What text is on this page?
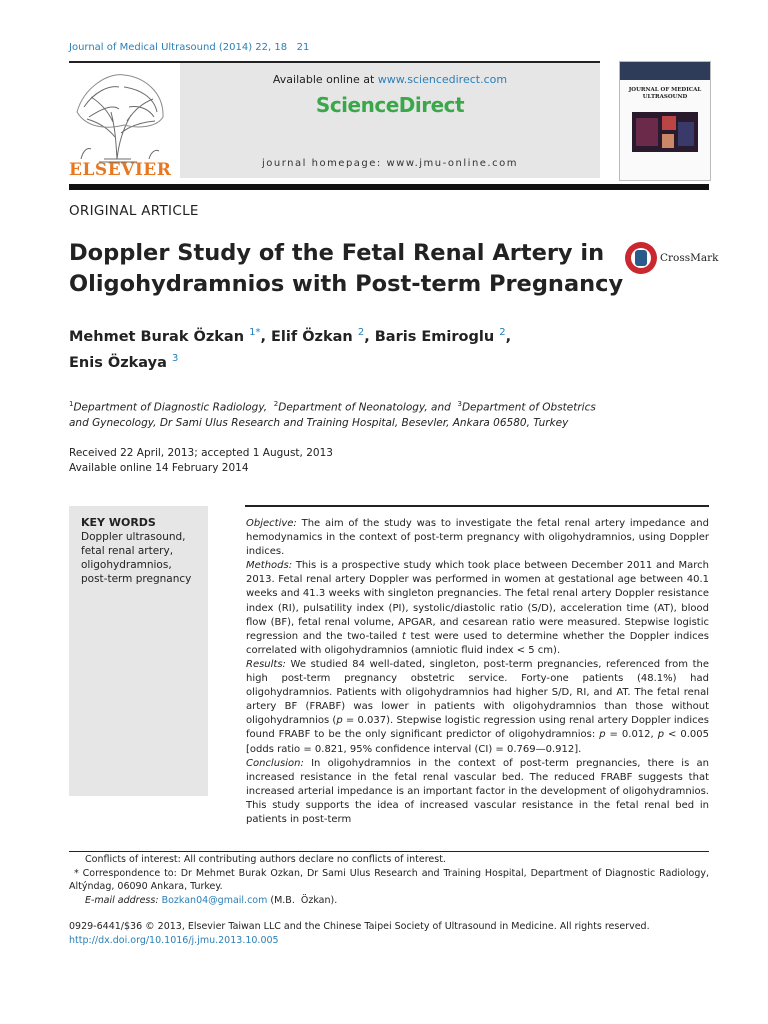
Journal of Medical Ultrasound (2014) 22, 18   21
ELSEVIER
Available online at www.sciencedirect.com
ScienceDirect
journal homepage: www.jmu-online.com
JOURNAL OF MEDICAL ULTRASOUND
ORIGINAL ARTICLE
Doppler Study of the Fetal Renal Artery in Oligohydramnios with Post-term Pregnancy
CrossMark
Mehmet Burak Özkan $^{1*}$, Elif Özkan $^2$, Baris Emiroglu $^2$,
Enis Özkaya $^3$
$^1$Department of Diagnostic Radiology, $^2$Department of Neonatology, and $^3$Department of Obstetrics
and Gynecology, Dr Sami Ulus Research and Training Hospital, Besevler, Ankara 06580, Turkey
Received 22 April, 2013; accepted 1 August, 2013
Available online 14 February 2014
KEY WORDS
Doppler ultrasound,
fetal renal artery,
oligohydramnios,
post-term pregnancy

Objective: The aim of the study was to investigate the fetal renal artery impedance and hemodynamics in the context of post-term pregnancy with oligohydramnios, using Doppler indices.

Methods: This is a prospective study which took place between December 2011 and March 2013. Fetal renal artery Doppler was performed in women at gestational age between 40.1 weeks and 41.3 weeks with singleton pregnancies. The fetal renal artery Doppler resistance index (RI), pulsatility index (PI), systolic/diastolic ratio (S/D), acceleration time (AT), blood flow (BF), fetal renal volume, APGAR, and cesarean ratio were measured. Stepwise logistic regression and the two-tailed t test were used to determine whether the Doppler indices correlated with oligohydramnios (amniotic fluid index < 5 cm).

Results: We studied 84 well-dated, singleton, post-term pregnancies, referenced from the high post-term pregnancy obstetric service. Forty-one patients (48.1%) had oligohydramnios. Patients with oligohydramnios had higher S/D, RI, and AT. The fetal renal artery BF (FRABF) was lower in patients with oligohydramnios than those without oligohydramnios (p = 0.037). Stepwise logistic regression using renal artery Doppler indices found FRABF to be the only significant predictor of oligohydramnios: p = 0.012, p < 0.005 [odds ratio = 0.821, 95% confidence interval (CI) = 0.769—0.912].

Conclusion: In oligohydramnios in the context of post-term pregnancies, there is an increased resistance in the fetal renal vascular bed. The reduced FRABF suggests that increased arterial impedance is an important factor in the development of oligohydramnios. This study supports the idea of increased vascular resistance in the fetal renal bed in patients in post-term

Conflicts of interest: All contributing authors declare no conflicts of interest.

* Correspondence to: Dr Mehmet Burak Ozkan, Dr Sami Ulus Research and Training Hospital, Department of Diagnostic Radiology, Altýndag, 06090 Ankara, Turkey.

E-mail address: Bozkan04@gmail.com (M.B.  Özkan).

0929-6441/$36 © 2013, Elsevier Taiwan LLC and the Chinese Taipei Society of Ultrasound in Medicine. All rights reserved.
http://dx.doi.org/10.1016/j.jmu.2013.10.005
